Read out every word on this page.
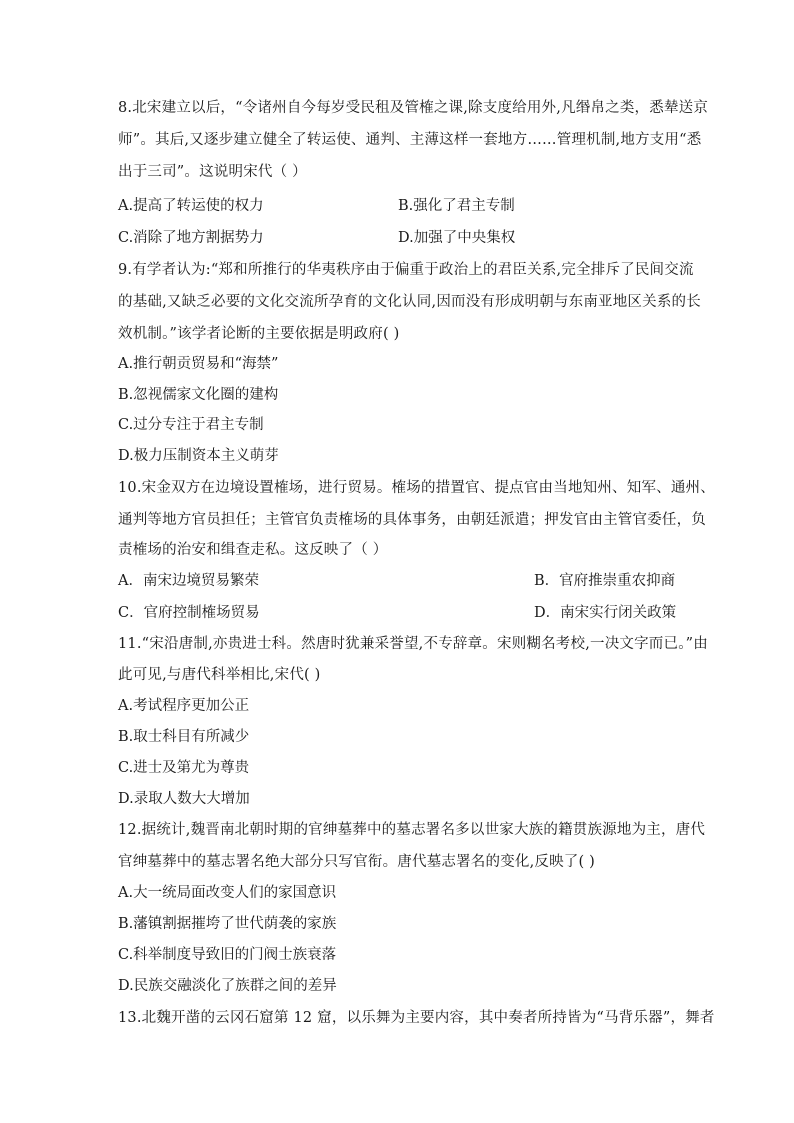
8.北宋建立以后，“令诸州自今每岁受民租及管榷之课,除支度给用外,凡缗帛之类，悉辇送京
师”。其后,又逐步建立健全了转运使、通判、主薄这样一套地方……管理机制,地方支用“悉
出于三司”。这说明宋代（ ）
A.提高了转运使的权力	B.强化了君主专制
C.消除了地方割据势力	D.加强了中央集权
9.有学者认为:“郑和所推行的华夷秩序由于偏重于政治上的君臣关系,完全排斥了民间交流
的基础,又缺乏必要的文化交流所孕育的文化认同,因而没有形成明朝与东南亚地区关系的长
效机制。”该学者论断的主要依据是明政府( )
A.推行朝贡贸易和“海禁”
B.忽视儒家文化圈的建构
C.过分专注于君主专制
D.极力压制资本主义萌芽
10.宋金双方在边境设置榷场，进行贸易。榷场的措置官、提点官由当地知州、知军、通州、
通判等地方官员担任；主管官负责榷场的具体事务，由朝廷派遣；押发官由主管官委任，负
责榷场的治安和缉查走私。这反映了（ ）
A．南宋边境贸易繁荣	B．官府推崇重农抑商
C．官府控制榷场贸易	D．南宋实行闭关政策
11.“宋沿唐制,亦贵进士科。然唐时犹兼采誉望,不专辞章。宋则糊名考校,一决文字而已。”由
此可见,与唐代科举相比,宋代( )
A.考试程序更加公正
B.取士科目有所减少
C.进士及第尤为尊贵
D.录取人数大大增加
12.据统计,魏晋南北朝时期的官绅墓葬中的墓志署名多以世家大族的籍贯族源地为主，唐代
官绅墓葬中的墓志署名绝大部分只写官衔。唐代墓志署名的变化,反映了( )
A.大一统局面改变人们的家国意识
B.藩镇割据摧垮了世代荫袭的家族
C.科举制度导致旧的门阀士族衰落
D.民族交融淡化了族群之间的差异
13.北魏开凿的云冈石窟第 12 窟，以乐舞为主要内容，其中奏者所持皆为“马背乐器”，舞者
